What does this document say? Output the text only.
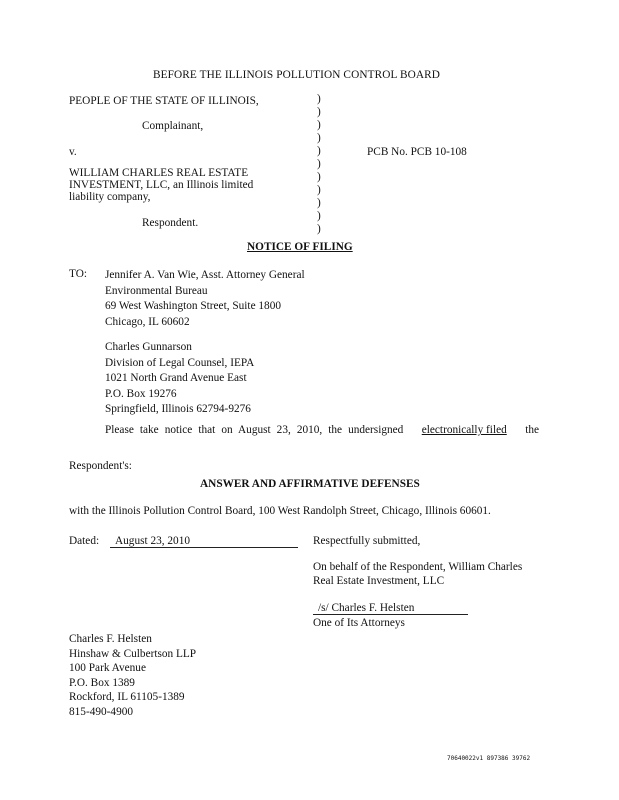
BEFORE THE ILLINOIS POLLUTION CONTROL BOARD
PEOPLE OF THE STATE OF ILLINOIS,
Complainant,
v.
WILLIAM CHARLES REAL ESTATE
INVESTMENT, LLC, an Illinois limited
liability company,
Respondent.
)
)
)
)
)
)
)
)
)
)
)
PCB No. PCB 10-108
NOTICE OF FILING
TO: Jennifer A. Van Wie, Asst. Attorney General
Environmental Bureau
69 West Washington Street, Suite 1800
Chicago, IL 60602
Charles Gunnarson
Division of Legal Counsel, IEPA
1021 North Grand Avenue East
P.O. Box 19276
Springfield, Illinois 62794-9276
Please take notice that on August 23, 2010, the undersigned electronically filed the
Respondent's:
ANSWER AND AFFIRMATIVE DEFENSES
with the Illinois Pollution Control Board, 100 West Randolph Street, Chicago, Illinois 60601.
Dated: August 23, 2010	Respectfully submitted,
On behalf of the Respondent, William Charles
Real Estate Investment, LLC
/s/ Charles F. Helsten
One of Its Attorneys
Charles F. Helsten
Hinshaw & Culbertson LLP
100 Park Avenue
P.O. Box 1389
Rockford, IL 61105-1389
815-490-4900
70640022v1 897386 39762
